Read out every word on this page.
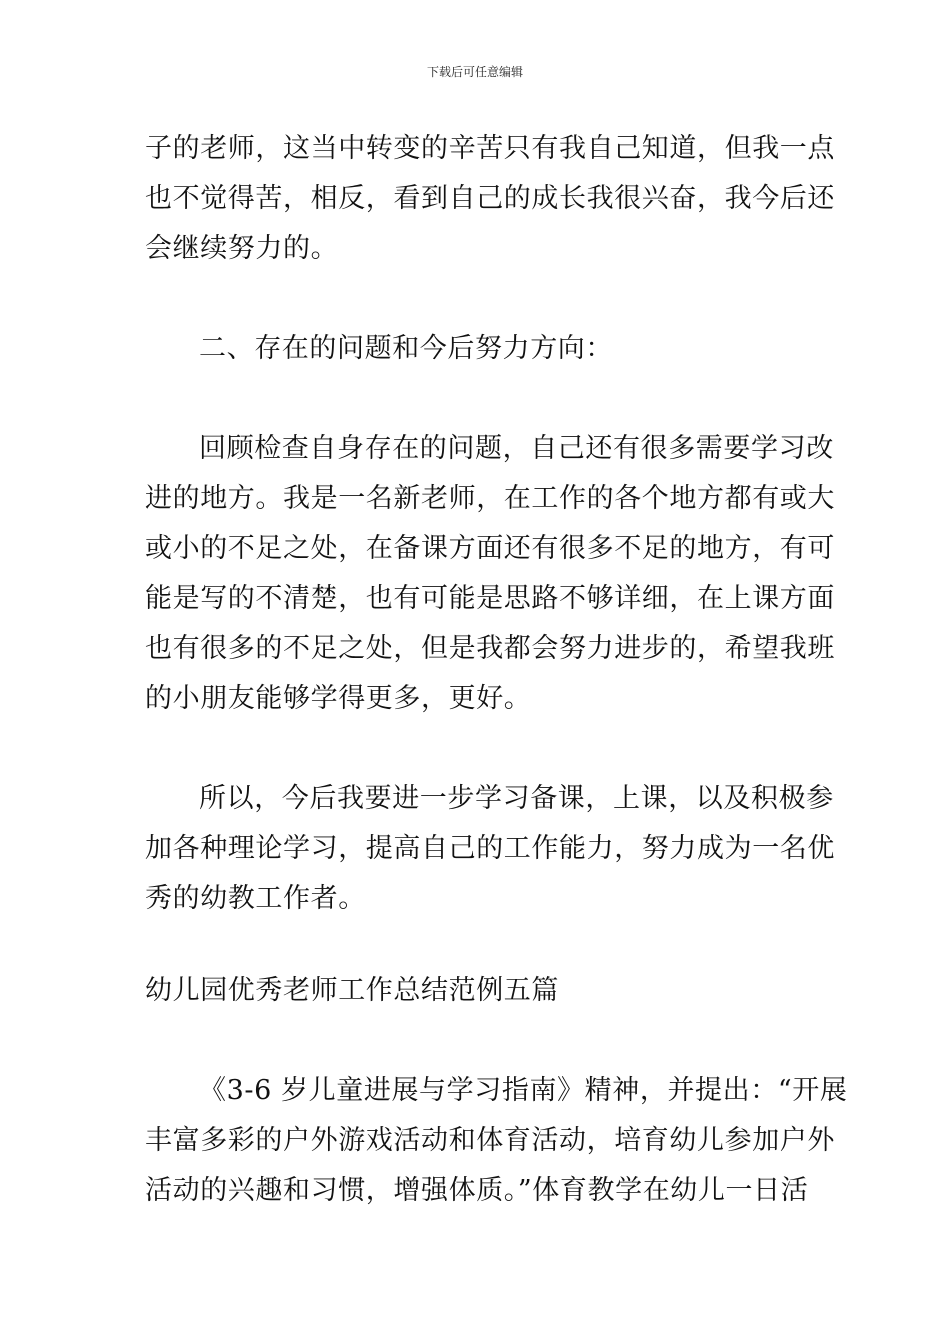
下载后可任意编辑
子的老师，这当中转变的辛苦只有我自己知道，但我一点
也不觉得苦，相反，看到自己的成长我很兴奋，我今后还
会继续努力的。
二、存在的问题和今后努力方向：
回顾检查自身存在的问题，自己还有很多需要学习改
进的地方。我是一名新老师，在工作的各个地方都有或大
或小的不足之处，在备课方面还有很多不足的地方，有可
能是写的不清楚，也有可能是思路不够详细，在上课方面
也有很多的不足之处，但是我都会努力进步的，希望我班
的小朋友能够学得更多，更好。
所以，今后我要进一步学习备课，上课，以及积极参
加各种理论学习，提高自己的工作能力，努力成为一名优
秀的幼教工作者。
幼儿园优秀老师工作总结范例五篇
《3-6 岁儿童进展与学习指南》精神，并提出：“开展
丰富多彩的户外游戏活动和体育活动，培育幼儿参加户外
活动的兴趣和习惯，增强体质。”体育教学在幼儿一日活
